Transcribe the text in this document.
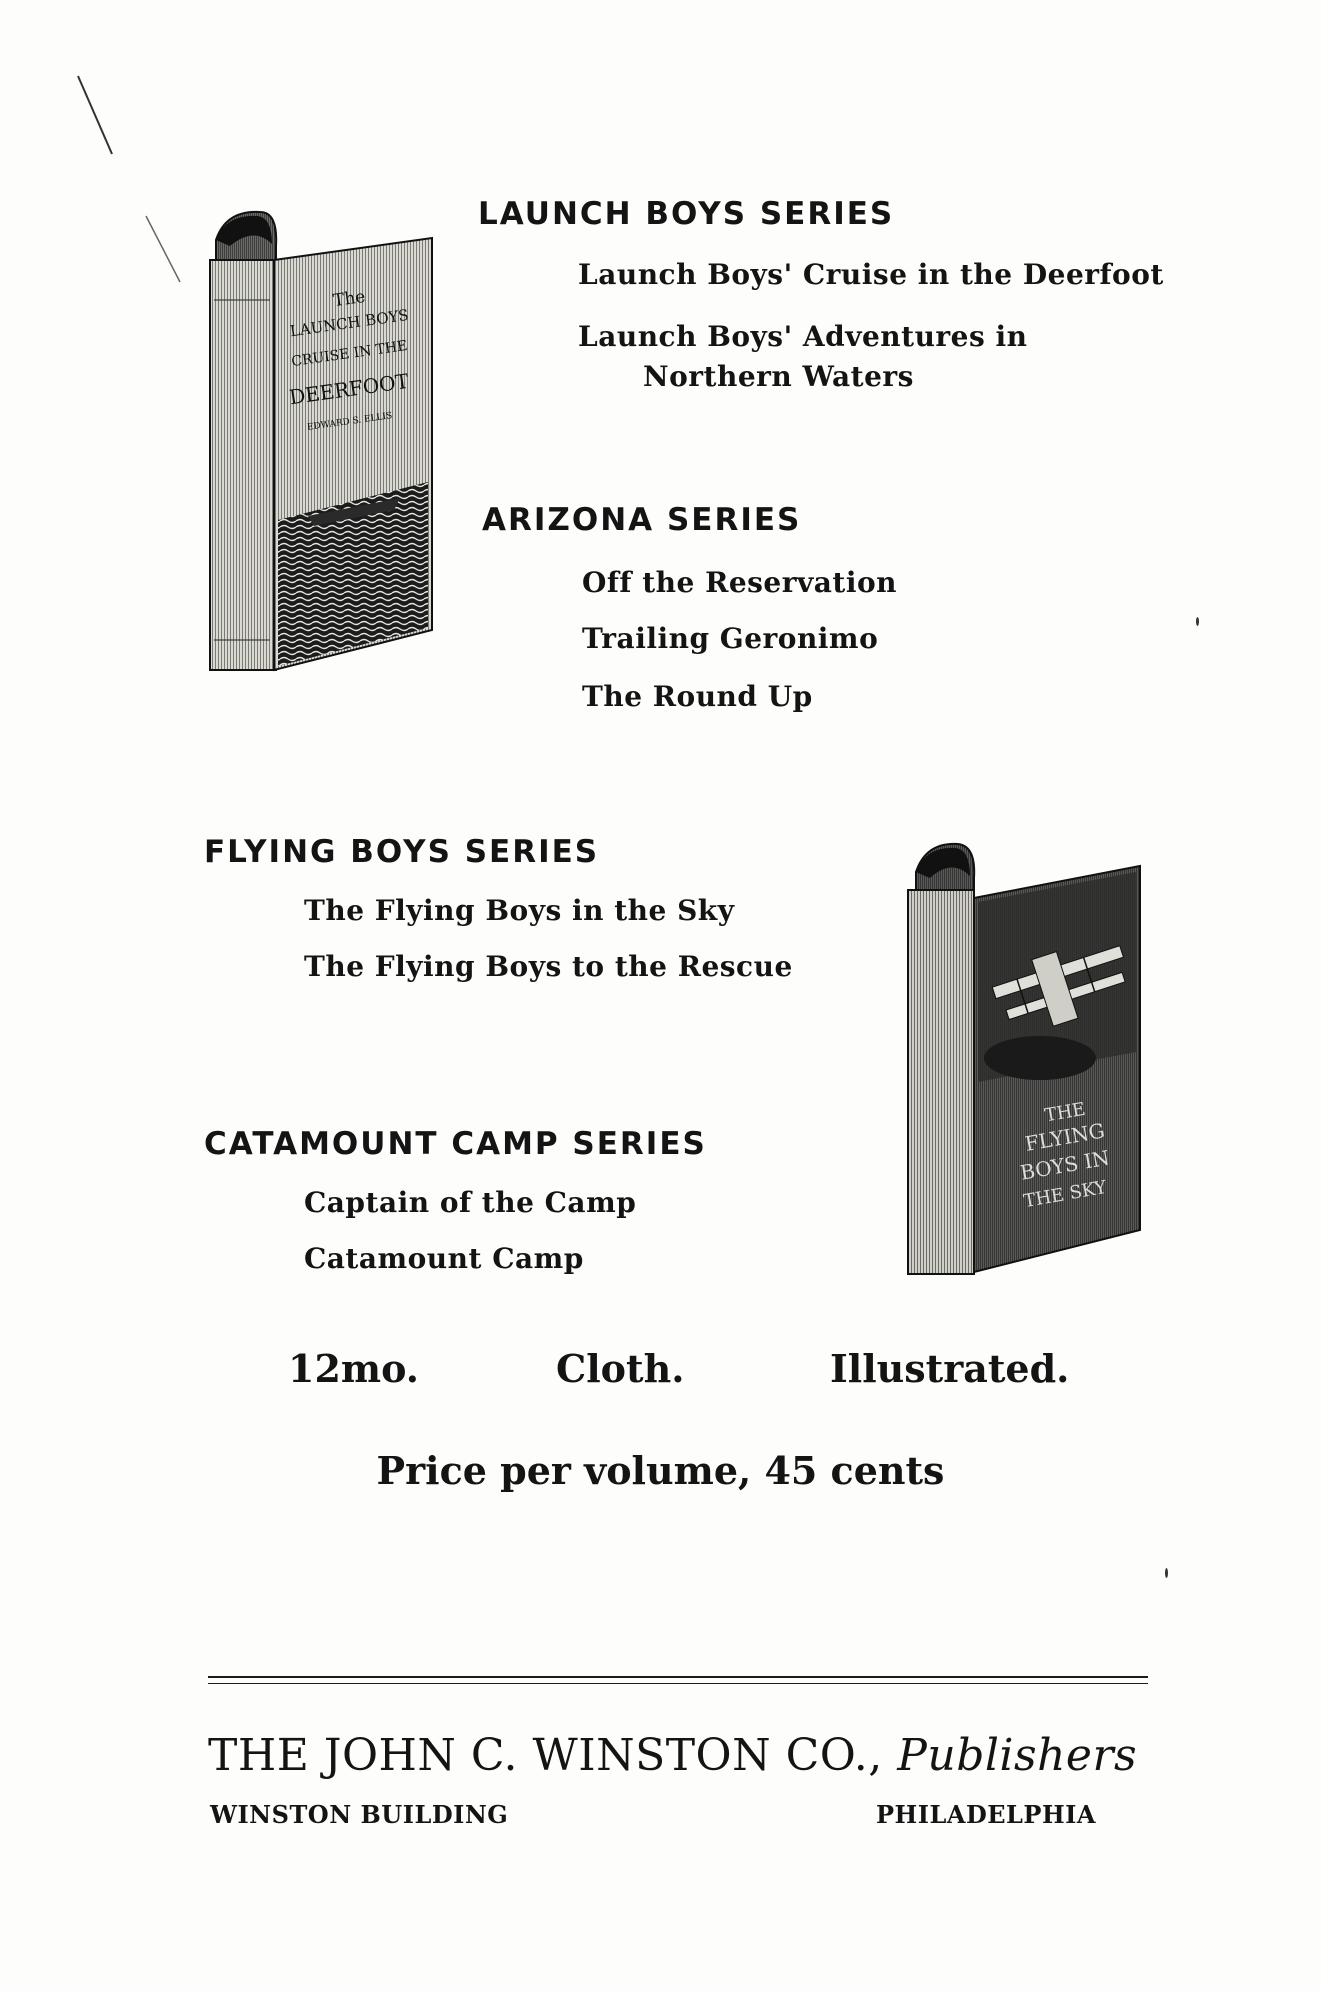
The
LAUNCH BOYS
CRUISE IN THE
DEERFOOT
EDWARD S. ELLIS
THE
FLYING
BOYS IN
THE SKY
LAUNCH BOYS SERIES

Launch Boys' Cruise in the Deerfoot

Launch Boys' Adventures in

Northern Waters

ARIZONA SERIES

Off the Reservation

Trailing Geronimo

The Round Up

FLYING BOYS SERIES

The Flying Boys in the Sky

The Flying Boys to the Rescue

CATAMOUNT CAMP SERIES

Captain of the Camp

Catamount Camp

12mo.	Cloth.	Illustrated.
Price per volume, 45 cents
THE JOHN C. WINSTON CO., Publishers
WINSTON BUILDING	PHILADELPHIA
